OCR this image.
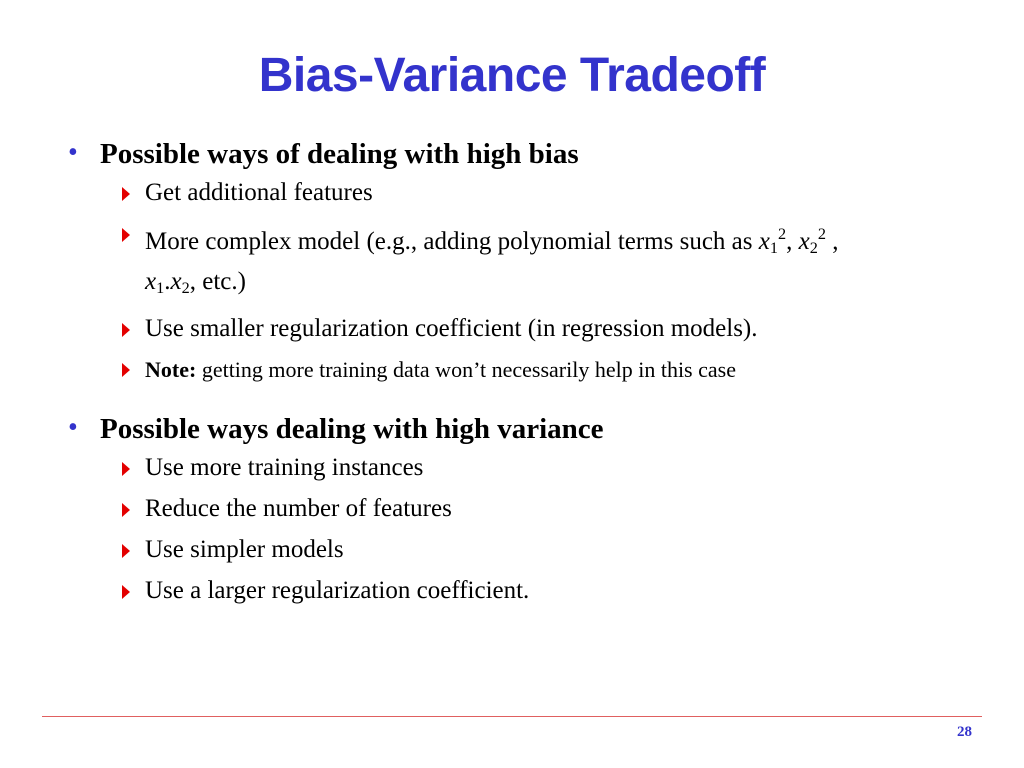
Bias-Variance Tradeoff

• Possible ways of dealing with high bias

Get additional features
More complex model (e.g., adding polynomial terms such as $x_1^2$, $x_2^2$ ,
$x_1.x_2$, etc.)
Use smaller regularization coefficient (in regression models).
Note: getting more training data won’t necessarily help in this case

• Possible ways dealing with high variance

Use more training instances
Reduce the number of features
Use simpler models
Use a larger regularization coefficient.
28
